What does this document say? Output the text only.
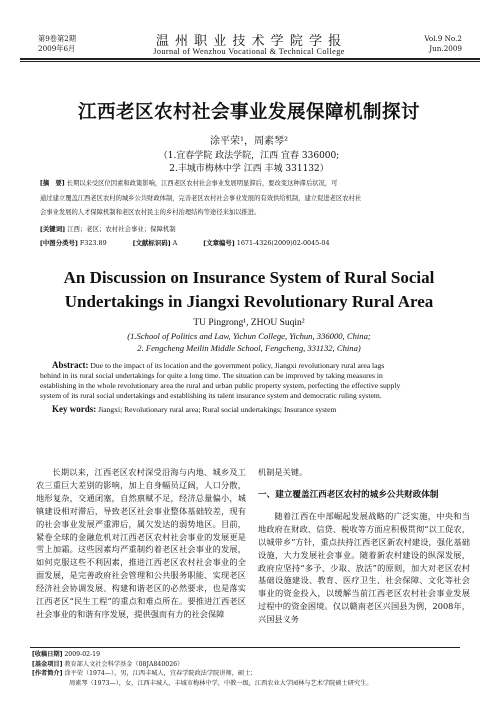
第9卷第2期
2009年6月	温 州 职 业 技 术 学 院 学 报
Journal of Wenzhou Vocational & Technical College
Vol.9 No.2
Jun.2009
江西老区农村社会事业发展保障机制探讨
涂平荣¹，周素琴²
（1.宜春学院 政法学院，江西 宜春 336000;
2.丰城市梅林中学 江西 丰城 331132）
[摘　要] 长期以来受区位因素和政策影响，江西老区农村社会事业发展明显滞后，要改变这种滞后状况，可
通过建立覆盖江西老区农村的城乡公共财政体制，完善老区农村社会事业发展的有效供给机制，建立促进老区农村社
会事业发展的人才保障机制和老区农村民主的乡村治理结构等途径来加以推进。
[关键词] 江西；老区；农村社会事业；保障机制
[中图分类号] F323.89	[文献标识码] A	[文章编号] 1671-4326(2009)02-0045-04
An Discussion on Insurance System of Rural Social
Undertakings in Jiangxi Revolutionary Rural Area
TU Pingrong¹, ZHOU Suqin²
(1.School of Politics and Law, Yichun College, Yichun, 336000, China;
2. Fengcheng Meilin Middle School, Fengcheng, 331132, China)
Abstract: Due to the impact of its location and the government policy, Jiangxi revolutionary rural area lags
behind in its rural social undertakings for quite a long time. The situation can be improved by taking measures in
establishing in the whole revolutionary area the rural and urban public property system, perfecting the effective supply
system of its rural social undertakings and establishing its talent insurance system and democratic ruling system.
Key words: Jiangxi; Revolutionary rural area; Rural social undertakings; Insurance system

长期以来，江西老区农村深受沿海与内地、城乡及工农三重巨大差别的影响，加上自身幅员辽阔，人口分散，地形复杂，交通闭塞，自然禀赋不足，经济总量偏小，城镇建设相对滞后，导致老区社会事业整体基础较差，现有的社会事业发展严重滞后，属欠发达的弱势地区。目前，紧卷全球的金融危机对江西老区农村社会事业的发展更是雪上加霜。这些因素均严重制约着老区社会事业的发展，如何克服这些不利因素，推进江西老区农村社会事业的全面发展，是完善政府社会管理和公共服务职能、实现老区经济社会协调发展、构建和谐老区的必然要求，也是落实江西老区“民生工程”的重点和难点所在。要推进江西老区社会事业的和谐有序发展，提供强而有力的社会保障

机制是关键。
一、建立覆盖江西老区农村的城乡公共财政体制

随着江西在中部崛起发展战略的广泛实施，中央和当地政府在财政、信贷、税收等方面应积极贯彻“以工促农，以城带乡”方针，重点扶持江西老区新农村建设，强化基础设施，大力发展社会事业。随着新农村建设的纵深发展，政府应坚持“多予、少取、放活”的原则，加大对老区农村基础设施建设、教育、医疗卫生、社会保障、文化等社会事业的资金投入，以缓解当前江西老区农村社会事业发展过程中的资金困境。仅以赣南老区兴国县为例，2008年，兴国县义务

[收稿日期] 2009-02-19
[基金项目] 教育部人文社会科学基金（08JA840026）
[作者简介] 涂平荣（1974—），男，江西丰城人，宜春学院政法学院讲师，硕士；
周素琴（1973—），女，江西丰城人，丰城市梅林中学，中教一级，江西农业大学园林与艺术学院硕士研究生。
